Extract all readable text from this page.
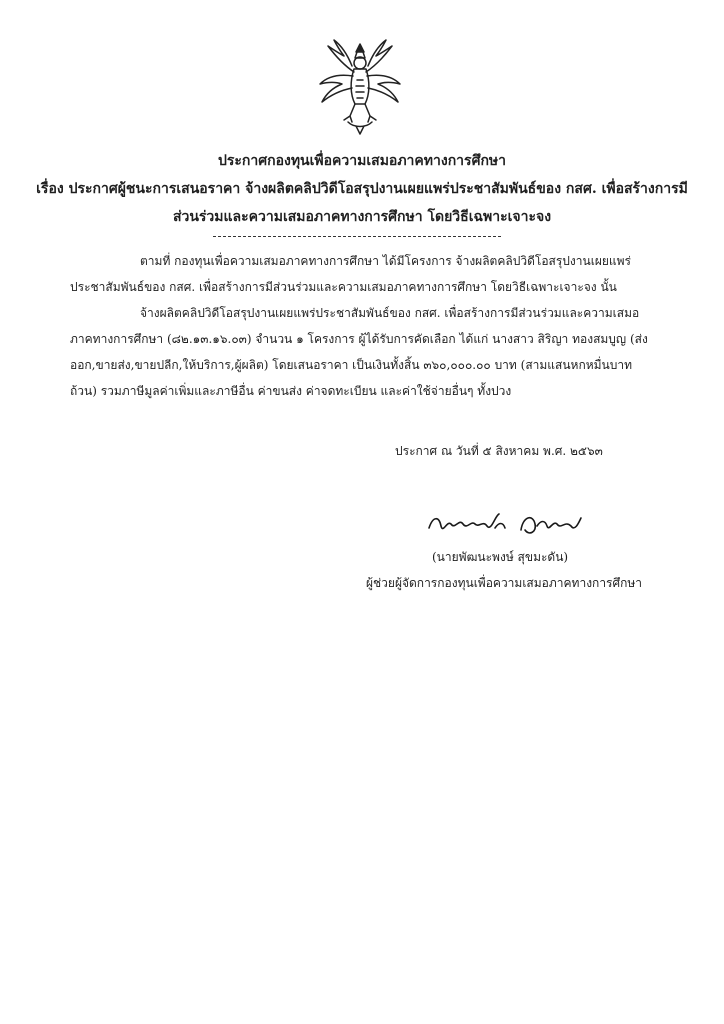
ประกาศกองทุนเพื่อความเสมอภาคทางการศึกษา
เรื่อง ประกาศผู้ชนะการเสนอราคา จ้างผลิตคลิปวิดีโอสรุปงานเผยแพร่ประชาสัมพันธ์ของ กสศ. เพื่อสร้างการมี
ส่วนร่วมและความเสมอภาคทางการศึกษา โดยวิธีเฉพาะเจาะจง
ตามที่ กองทุนเพื่อความเสมอภาคทางการศึกษา ได้มีโครงการ จ้างผลิตคลิปวิดีโอสรุปงานเผยแพร่
ประชาสัมพันธ์ของ กสศ. เพื่อสร้างการมีส่วนร่วมและความเสมอภาคทางการศึกษา โดยวิธีเฉพาะเจาะจง นั้น
จ้างผลิตคลิปวิดีโอสรุปงานเผยแพร่ประชาสัมพันธ์ของ กสศ. เพื่อสร้างการมีส่วนร่วมและความเสมอ
ภาคทางการศึกษา (๘๒.๑๓.๑๖.๐๓) จำนวน ๑ โครงการ ผู้ได้รับการคัดเลือก ได้แก่ นางสาว สิริญา ทองสมบูญ (ส่ง
ออก,ขายส่ง,ขายปลีก,ให้บริการ,ผู้ผลิต) โดยเสนอราคา เป็นเงินทั้งสิ้น ๓๖๐,๐๐๐.๐๐ บาท (สามแสนหกหมื่นบาท
ถ้วน) รวมภาษีมูลค่าเพิ่มและภาษีอื่น ค่าขนส่ง ค่าจดทะเบียน และค่าใช้จ่ายอื่นๆ ทั้งปวง
ประกาศ ณ วันที่ ๕ สิงหาคม พ.ศ. ๒๕๖๓
(นายพัฒนะพงษ์ สุขมะดัน)
ผู้ช่วยผู้จัดการกองทุนเพื่อความเสมอภาคทางการศึกษา
